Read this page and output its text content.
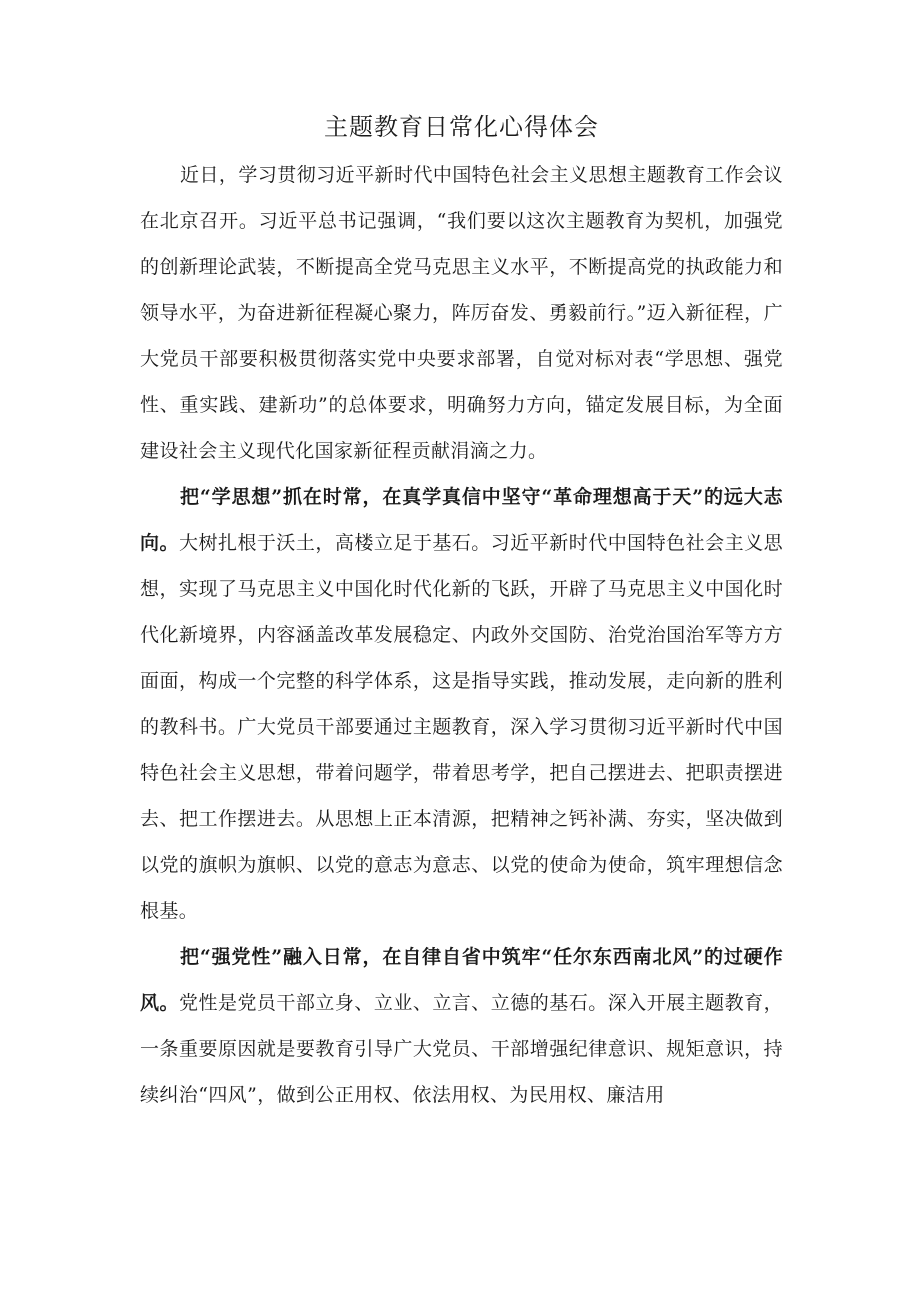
主题教育日常化心得体会

近日，学习贯彻习近平新时代中国特色社会主义思想主题教育工作会议在北京召开。习近平总书记强调，“我们要以这次主题教育为契机，加强党的创新理论武装，不断提高全党马克思主义水平，不断提高党的执政能力和领导水平，为奋进新征程凝心聚力，阵厉奋发、勇毅前行。”迈入新征程，广大党员干部要积极贯彻落实党中央要求部署，自觉对标对表“学思想、强党性、重实践、建新功”的总体要求，明确努力方向，锚定发展目标，为全面建设社会主义现代化国家新征程贡献涓滴之力。

把“学思想”抓在时常，在真学真信中坚守“革命理想高于天”的远大志向。大树扎根于沃土，高楼立足于基石。习近平新时代中国特色社会主义思想，实现了马克思主义中国化时代化新的飞跃，开辟了马克思主义中国化时代化新境界，内容涵盖改革发展稳定、内政外交国防、治党治国治军等方方面面，构成一个完整的科学体系，这是指导实践，推动发展，走向新的胜利的教科书。广大党员干部要通过主题教育，深入学习贯彻习近平新时代中国特色社会主义思想，带着问题学，带着思考学，把自己摆进去、把职责摆进去、把工作摆进去。从思想上正本清源，把精神之钙补满、夯实，坚决做到以党的旗帜为旗帜、以党的意志为意志、以党的使命为使命，筑牢理想信念根基。

把“强党性”融入日常，在自律自省中筑牢“任尔东西南北风”的过硬作风。党性是党员干部立身、立业、立言、立德的基石。深入开展主题教育，一条重要原因就是要教育引导广大党员、干部增强纪律意识、规矩意识，持续纠治“四风”，做到公正用权、依法用权、为民用权、廉洁用
